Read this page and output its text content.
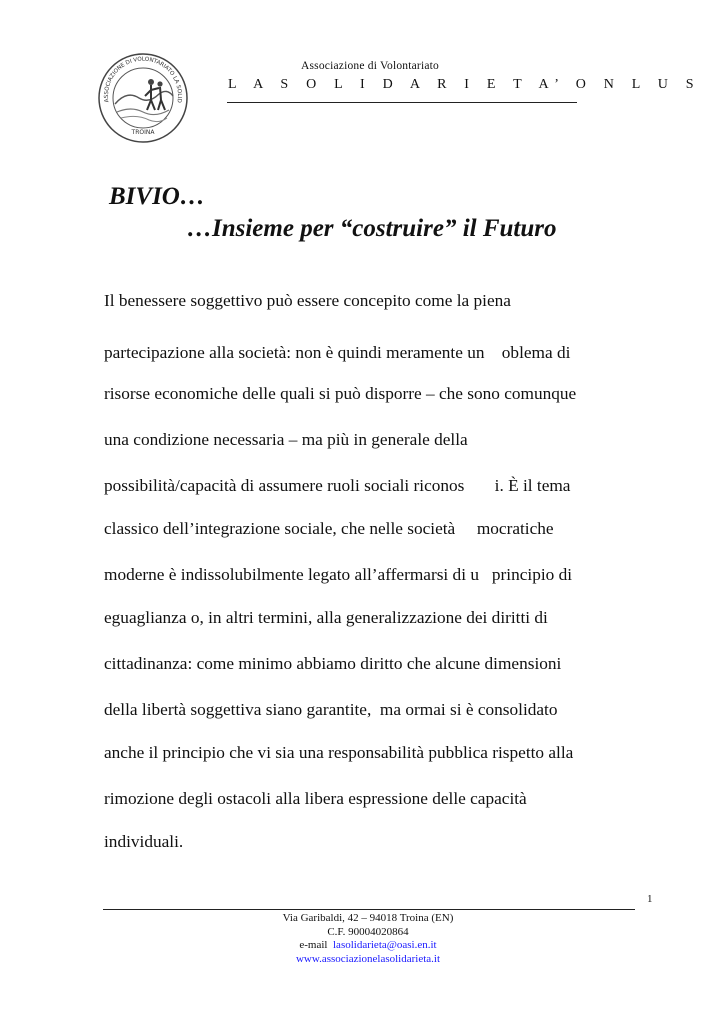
ASSOCIAZIONE DI VOLONTARIATO LA SOLID
TROINA
Associazione di Volontariato
L A S O L I D A R I E T A’ O N L U S
BIVIO…
…Insieme per “costruire” il Futuro
Il benessere soggettivo può essere concepito come la piena
partecipazione alla società: non è quindi meramente un    oblema di
risorse economiche delle quali si può disporre – che sono comunque
una condizione necessaria – ma più in generale della
possibilità/capacità di assumere ruoli sociali riconos       i. È il tema
classico dell’integrazione sociale, che nelle società     mocratiche
moderne è indissolubilmente legato all’affermarsi di u   principio di
eguaglianza o, in altri termini, alla generalizzazione dei diritti di
cittadinanza: come minimo abbiamo diritto che alcune dimensioni
della libertà soggettiva siano garantite,  ma ormai si è consolidato
anche il principio che vi sia una responsabilità pubblica rispetto alla
rimozione degli ostacoli alla libera espressione delle capacità
individuali.
1
Via Garibaldi, 42 – 94018 Troina (EN)
C.F. 90004020864
e-mail lasolidarieta@oasi.en.it
www.associazionelasolidarieta.it
